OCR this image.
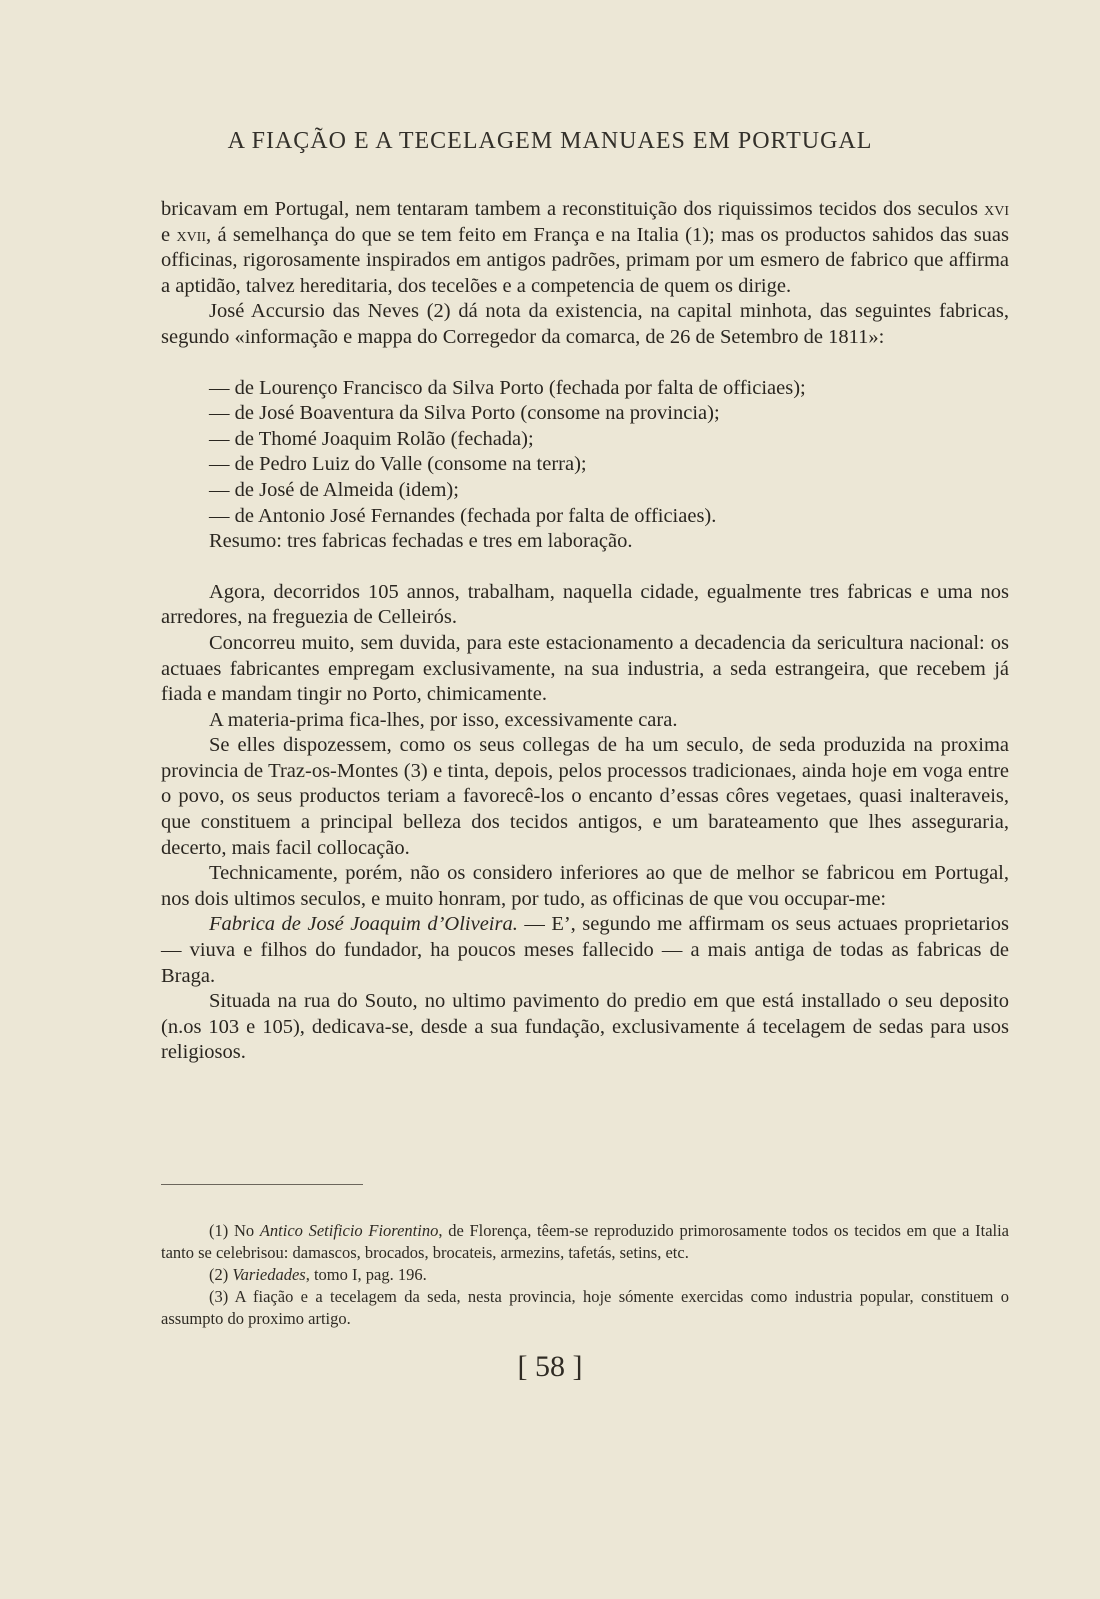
A FIAÇÃO E A TECELAGEM MANUAES EM PORTUGAL

bricavam em Portugal, nem tentaram tambem a reconstituição dos riquissimos tecidos dos seculos xvi e xvii, á semelhança do que se tem feito em França e na Italia (1); mas os productos sahidos das suas officinas, rigorosamente inspirados em antigos padrões, primam por um esmero de fabrico que affirma a aptidão, talvez hereditaria, dos tecelões e a competencia de quem os dirige.

José Accursio das Neves (2) dá nota da existencia, na capital minhota, das seguintes fabricas, segundo «informação e mappa do Corregedor da comarca, de 26 de Setembro de 1811»:

— de Lourenço Francisco da Silva Porto (fechada por falta de officiaes);
— de José Boaventura da Silva Porto (consome na provincia);
— de Thomé Joaquim Rolão (fechada);
— de Pedro Luiz do Valle (consome na terra);
— de José de Almeida (idem);
— de Antonio José Fernandes (fechada por falta de officiaes).
Resumo: tres fabricas fechadas e tres em laboração.

Agora, decorridos 105 annos, trabalham, naquella cidade, egualmente tres fabricas e uma nos arredores, na freguezia de Celleirós.

Concorreu muito, sem duvida, para este estacionamento a decadencia da sericultura nacional: os actuaes fabricantes empregam exclusivamente, na sua industria, a seda estrangeira, que recebem já fiada e mandam tingir no Porto, chimicamente.

A materia-prima fica-lhes, por isso, excessivamente cara.

Se elles dispozessem, como os seus collegas de ha um seculo, de seda produzida na proxima provincia de Traz-os-Montes (3) e tinta, depois, pelos processos tradicionaes, ainda hoje em voga entre o povo, os seus productos teriam a favorecê-los o encanto d’essas côres vegetaes, quasi inalteraveis, que constituem a principal belleza dos tecidos antigos, e um barateamento que lhes asseguraria, decerto, mais facil collocação.

Technicamente, porém, não os considero inferiores ao que de melhor se fabricou em Portugal, nos dois ultimos seculos, e muito honram, por tudo, as officinas de que vou occupar-me:

Fabrica de José Joaquim d’Oliveira. — E’, segundo me affirmam os seus actuaes proprietarios — viuva e filhos do fundador, ha poucos meses fallecido — a mais antiga de todas as fabricas de Braga.

Situada na rua do Souto, no ultimo pavimento do predio em que está installado o seu deposito (n.os 103 e 105), dedicava-se, desde a sua fundação, exclusivamente á tecelagem de sedas para usos religiosos.

(1) No Antico Setificio Fiorentino, de Florença, têem-se reproduzido primorosamente todos os tecidos em que a Italia tanto se celebrisou: damascos, brocados, brocateis, armezins, tafetás, setins, etc.

(2) Variedades, tomo I, pag. 196.

(3) A fiação e a tecelagem da seda, nesta provincia, hoje sómente exercidas como industria popular, constituem o assumpto do proximo artigo.

[ 58 ]
